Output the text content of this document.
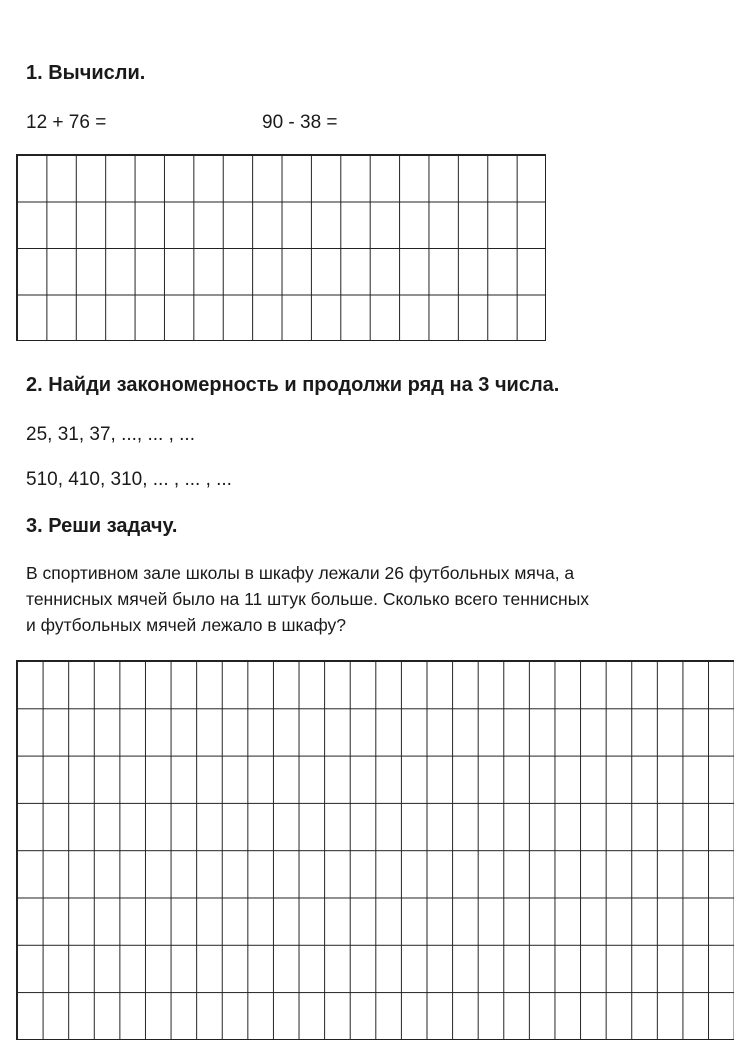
1. Вычисли.

12 + 76 =	90 - 38 =

2. Найди закономерность и продолжи ряд на 3 числа.

25, 31, 37, ..., ... , ...

510, 410, 310, ... , ... , ...

3. Реши задачу.
В спортивном зале школы в шкафу лежали 26 футбольных мяча, а
теннисных мячей было на 11 штук больше. Сколько всего теннисных
и футбольных мячей лежало в шкафу?
